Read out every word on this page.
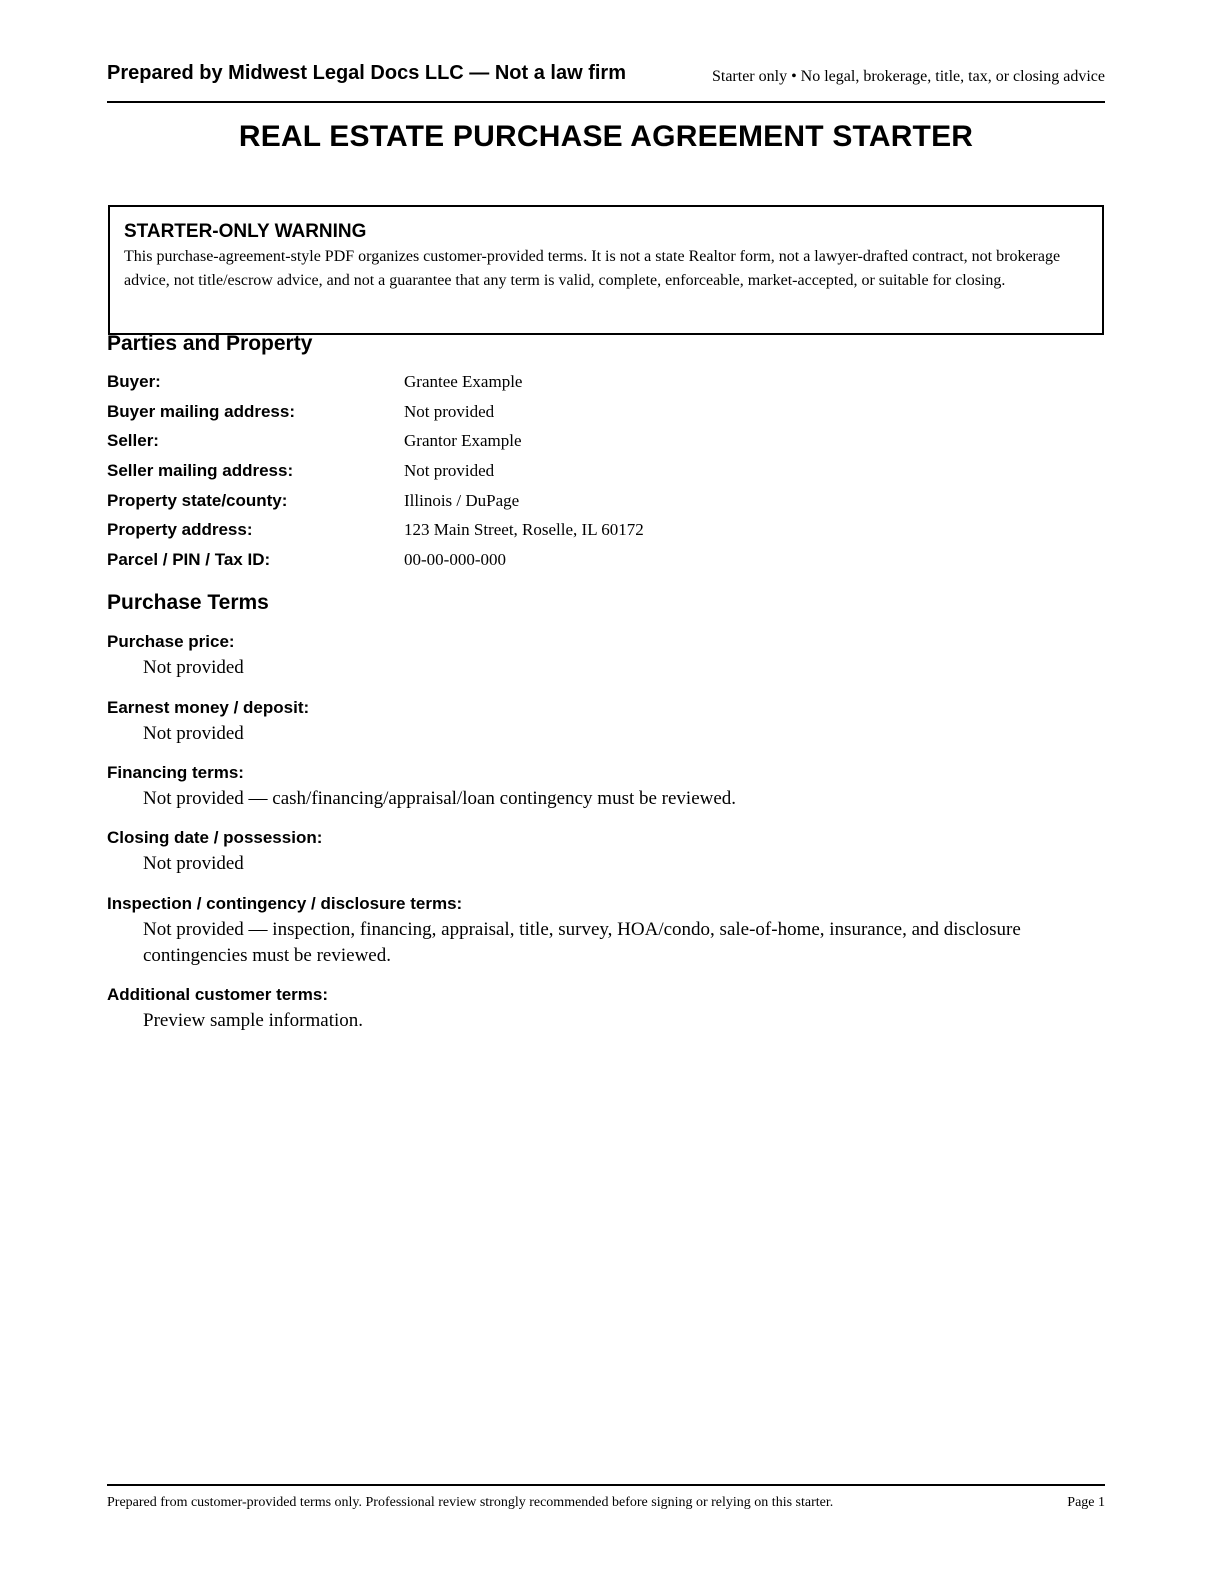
Prepared by Midwest Legal Docs LLC — Not a law firm	Starter only • No legal, brokerage, title, tax, or closing advice
REAL ESTATE PURCHASE AGREEMENT STARTER

STARTER-ONLY WARNING

This purchase-agreement-style PDF organizes customer-provided terms. It is not a state Realtor form, not a lawyer-drafted contract, not brokerage advice, not title/escrow advice, and not a guarantee that any term is valid, complete, enforceable, market-accepted, or suitable for closing.

Parties and Property
Buyer:	Grantee Example
Buyer mailing address:	Not provided
Seller:	Grantor Example
Seller mailing address:	Not provided
Property state/county:	Illinois / DuPage
Property address:	123 Main Street, Roselle, IL 60172
Parcel / PIN / Tax ID:	00-00-000-000
Purchase Terms

Purchase price:

Not provided

Earnest money / deposit:

Not provided

Financing terms:

Not provided — cash/financing/appraisal/loan contingency must be reviewed.

Closing date / possession:

Not provided

Inspection / contingency / disclosure terms:

Not provided — inspection, financing, appraisal, title, survey, HOA/condo, sale-of-home, insurance, and disclosure contingencies must be reviewed.

Additional customer terms:

Preview sample information.

Prepared from customer-provided terms only. Professional review strongly recommended before signing or relying on this starter.	Page 1
